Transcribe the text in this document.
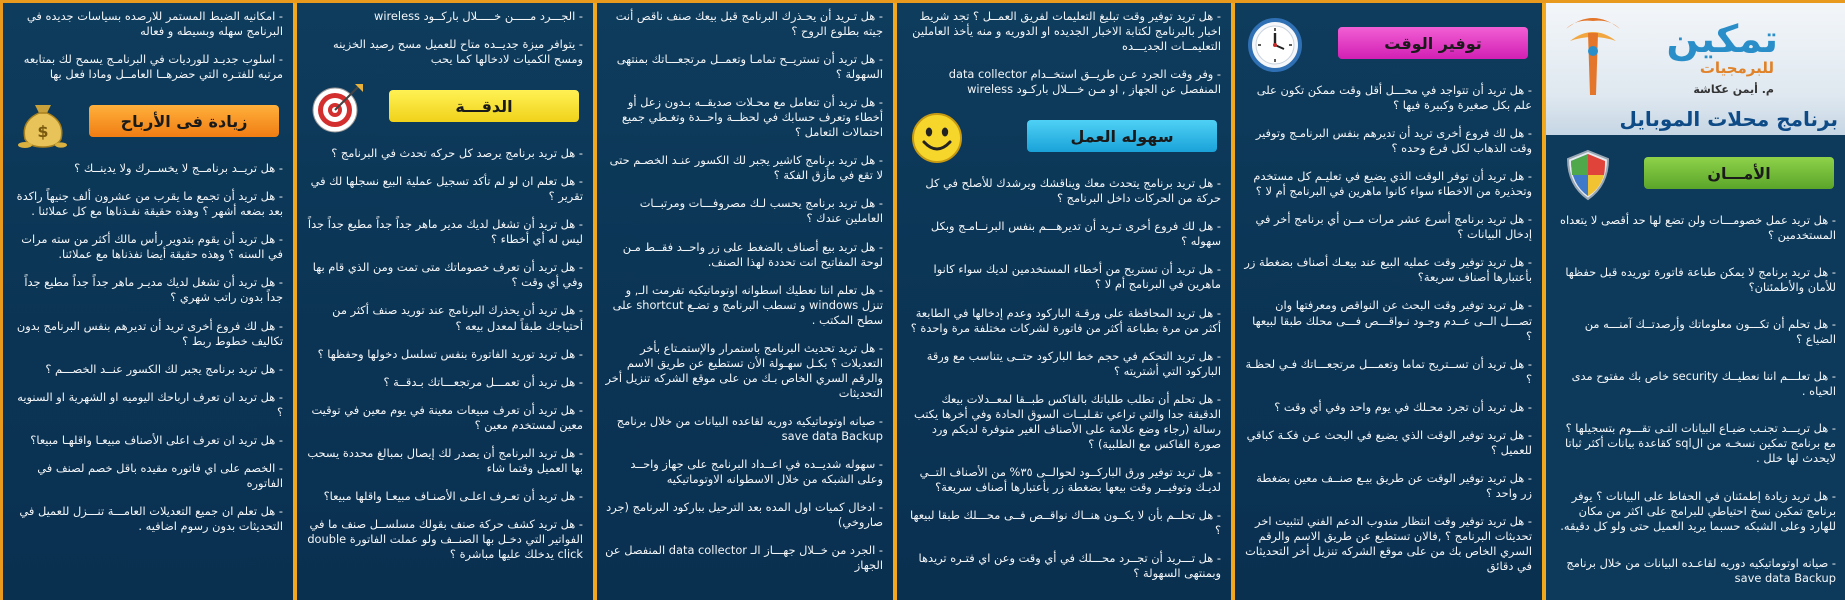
تمكين
للبرمجيات
م. أيمن عكاشة
برنامج محلات الموبايل
الأمـــان

- هل تريد عمل خصومـــات ولن تضع لها حد أقصى لا يتعداه المستخدمين ؟

- هل تريد برنامج لا يمكن طباعة فاتورة توريده قبل حفظها للأمان والأطمئنان؟

- هل تحلم أن تكـــون معلوماتك وأرصدتــك آمنـــه من الضياع ؟

- هل تعلـــم اننا نعطيــك security خاص بك مفتوح مدى الحياه .

- هل تريـــد تجنـب ضيـاع البيانات التـى تقـــوم بتسجيلها ؟ مع برنامج تمكين نسخـه من الsql كقاعدة بيانات أكثر ثباتا لايحدث لها خلل .

- هل تريد زيادة إطمئنان في الحفاظ على البيانات ؟ يوفر برنامج تمكين نسخ احتياطي للبرامج على اكثر من مكان للهارد وعلى الشبكه حسبما يريد العميل حتى ولو كل دقيقه.

- صيانه اوتوماتيكيه دوريه لقاعـده البيانات من خلال برنامج save data Backup

توفير الوقت

- هل تريد أن تتواجد في محـــل أقل وقت ممكن تكون على علم بكل صغيرة وكبيرة فيها ؟

- هل لك فروع أخرى تريد أن تديرهم بنفس البرنامـج وتوفير وقت الذهاب لكل فرع وحده ؟

- هل تريد أن توفر الوقت الذي يضيع في تعليـم كل مستخدم وتحذيرة من الاخطاء سواء كانوا ماهرين في البرنامج أم لا ؟

- هل تريد برنامج أسرع عشر مرات مــن أي برنامج أخر في إدخال البيانات ؟

- هل تريد توفير وقت عمليه البيع عند بيعـك أصناف بضغطة زر بأعتبارها أصناف سريعة؟

- هل تريد توفير وقت البحث عن النواقص ومعرفتها وان تصـــل الــى عــدم وجـود نـواقـــص فـــى محلك طبقا لبيعها ؟

- هل تريد أن تســتريح تماما وتعمـــل مرتجعـــاتك فـي لحظـة ؟

- هل تريد أن تجرد محـلك في يوم واحد وفي أي وقت ؟

- هل تريد توفير الوقت الذي يضيع في البحث عـن فكـة كباقي للعميل ؟

- هل تريد توفير الوقت عن طريق بيـع صنــف معين بضغطة زر واحد ؟

- هل تريد توفير وقت انتظار مندوب الدعم الفني لتثبيت اخر تحديثات البرنامج ؟ ,فالان تستطيع عن طريق الاسم والرقم السري الخاص بك من على موقع الشركه تنزيل أخر التحديثات في دقائق

- هل تريد توفير وقت تبليغ التعليمات لفريق العمــل ؟ تجد شريط اخبار بالبرنامج لكتابة الاخبار الجديده او الدوريه و منه يأخذ العاملين التعليمــات الجديـــده

- وفر وقت الجرد عـن طريــق استخــدام data collector المنفصل عن الجهاز , او مـن خـــلال باركـود wireless

سهوله العمل

- هل تريد برنامج يتحدث معك ويناقشك ويرشدك للأصلح في كل حركة من الحركات داخل البرنامج ؟

- هل لك فروع أخرى تـريد أن تديرهـــم بنفس البرنــامـج وبكل سهوله ؟

- هل تريد أن تستريح من أخطاء المستخدمين لديك سواء كانوا ماهرين في البرنامج أم لا ؟

- هل تريد المحافظة على ورقـة الباركود وعدم إدخالها في الطابعة أكثر من مرة بطباعة أكثر من فاتورة لشركات مختلفة مرة واحدة ؟

- هل تريد التحكم في حجم خط الباركود حتــى يتناسب مع ورقة الباركود التي أشتريته ؟

- هل تحلم أن تطلب طلباتك بالفاكس طبــقا لمعــدلات بيعك الدقيقة جدا والتي تراعي تقـلبــات السوق الحادة وفي أخرها يكتب رسالة (رجاء وضع علامة على الأصناف الغير متوفرة لديكم ورد صورة الفاكس مع الطلبية) ؟

- هل تريد توفير ورق الباركــود لحوالــى ٣٥% من الأصناف التــي لديـك وتوفيــر وقت بيعها بضغطة زر بأعتبارها أصناف سريعة؟

- هل تحلــم بأن لا يكــون هنــاك نواقــص فــى محـــلك طبقا لبيعها ؟

- هل تـــريد أن تجــرد محـــلك في أي وقت وعن اي فتـره تريدها وبمنتهى السهولة ؟

- هل تـريد أن يحـذرك البرنامج قبل بيعك صنف ناقص أنت جيته بطلوع الروح ؟

- هل تريد أن تستريــح تمامـا وتعمــل مرتجعـــاتك بمنتهى السهولة ؟

- هل تريد أن تتعامل مع محـلات صديقــه بـدون زعل أو أخطاء وتعرف حسابك في لحظــة واحــدة وتغـطي جميع احتمالات التعامل ؟

- هل تريد برنامج كاشير يجبر لك الكسور عنـد الخصـم حتى لا تقع في مأزق الفكة ؟

- هل تريد برنامج يحسب لـك مصروفـــات ومرتبــات العاملين عندك ؟

- هل تريد بيع أصناف بالضغط على زر واحــد فقــط مـن لوحة المفاتيح انت تحددة لهذا الصنف.

- هل تعلم اننا نعطيك اسطوانه اوتوماتيكيه تفرمت الـ, و تنزل windows و تسطب البرنامج و تضـع shortcut على سطح المكتب .

- هل تريد تحديث البرنامج باستمرار والإستمـتاع بأخر التعديلات ؟ بكـل سهـولة الأن تستطيع عن طريق الاسم والرقم السري الخاص بـك من على موقع الشركه تنزيل أخر التحديثات

- صيانه اوتوماتيكيه دوريه لقاعده البيانات من خلال برنامج save data Backup

- سهوله شديــده في اعــداد البرنامج على جهاز واحــد وعلى الشبكه من خلال الاسطوانه الاوتوماتيكيه

- ادخال كميات اول المده بعد الترحيل بباركود البرنامج (جرد صاروخي)

- الجرد من خــلال جهـــاز الـ data collector المنفصل عن الجهاز

- الجـــرد مـــــن خـــــلال باركــود wireless

- يتوافر ميزة جديــده متاح للعميل مسح رصيد الخزينه ومسح الكميات لادخالها كما يحب

الدقـــة

- هل تريد برنامج يرصد كل حركه تحدث في البرنامج ؟

- هل تعلم ان لو لم تأكد تسجيل عملية البيع نسجلها لك في تقرير ؟

- هل تريد أن تشغل لديك مدير ماهر جداً جداً مطيع جداً جداً ليس له أي أخطاء ؟

- هل تريد أن تعرف خصوماتك متى تمت ومن الذي قام بها وفي أي وقت ؟

- هل تريد أن يحذرك البرنامج عند توريد صنف أكثر من أحتياجك طبقاً لمعدل بيعه ؟

- هل تريد توريد الفاتورة بنفس تسلسل دخولها وحفظها ؟

- هل تريد أن تعمـــل مرتجعـــاتك بـدقــة ؟

- هل تريد أن تعرف مبيعات معينة في يوم معين في توقيت معين لمستخدم معين ؟

- هل تريد البرنامج أن يصدر لك إيصال بمبالغ محددة يسحب بها العميل وقتما شاء

- هل تريد أن تعـرف اعلـى الأصنـاف مبيعـا واقلها مبيعا؟

- هل تريد كشف حركة صنف بقولك مسلســل صنف ما في الفواتير التي دخـل بها الصنــف ولو عملت الفاتورة double click يدخلك عليها مباشرة ؟

- امكانيه الضبط المستمر للارصده بسياسات جديده في البرنامج سهله وبسيطه و فعاله

- اسلوب جديـد للورديات في البرنامـج يسمح لك بمتابعه مرتبه للفتـره التي حضرهــا العامــل ومادا فعل بها

زيادة فى الأرباح
$

- هل تريــد برنامــج لا يخســرك ولا يدينــك ؟

- هل تريد أن تجمع ما يقرب من عشرون ألف جنيهاً راكدة بعد بضعه أشهر ؟ وهذه حقيقة نفـذناها مع كل عملائنا .

- هل تريد أن يقوم بتدوير رأس مالك أكثر من سته مرات في السنه ؟ وهذه حقيقة أيضا نفذناها مع عملائنا.

- هل تريد أن تشغل لديك مديـر ماهر جداً جداً مطيع جداً جداً بدون راتب شهري ؟

- هل لك فروع أخرى تريد أن تديرهم بنفس البرنامج بدون تكاليف خطوط ربط ؟

- هل تريد برنامج يجبر لك الكسور عنــد الخصـــم ؟

- هل تريد ان تعرف ارباحك اليوميه او الشهرية او السنويه ؟

- هل تريد ان تعرف اعلى الأصناف مبيعـا واقلهـا مبيعا؟

- الخصم على اي فاتوره مقيده باقل خصم لصنف في الفاتوره

- هل تعلم ان جميع التعديلات العامـــة تنـــزل للعميل في التحديثات بدون رسوم اضافيه .
